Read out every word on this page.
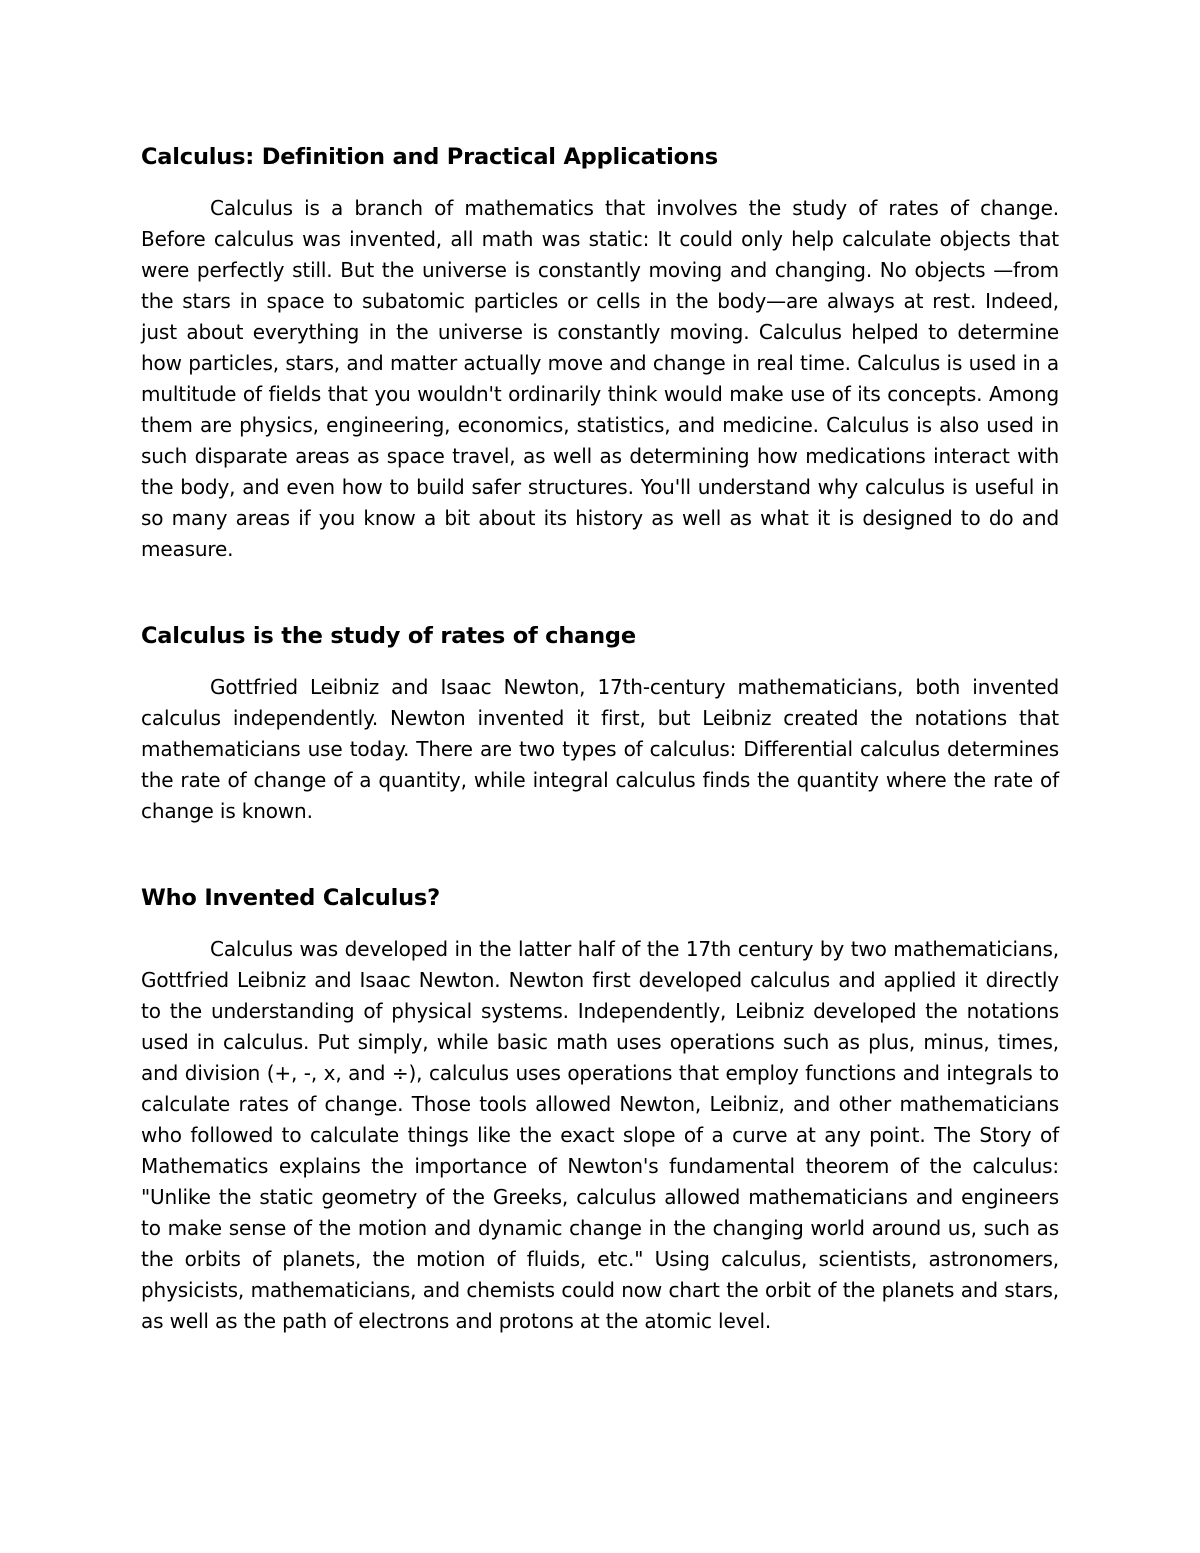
Calculus: Definition and Practical Applications

Calculus is a branch of mathematics that involves the study of rates of change. Before calculus was invented, all math was static: It could only help calculate objects that were perfectly still. But the universe is constantly moving and changing. No objects —from the stars in space to subatomic particles or cells in the body—are always at rest. Indeed, just about everything in the universe is constantly moving. Calculus helped to determine how particles, stars, and matter actually move and change in real time. Calculus is used in a multitude of fields that you wouldn't ordinarily think would make use of its concepts. Among them are physics, engineering, economics, statistics, and medicine. Calculus is also used in such disparate areas as space travel, as well as determining how medications interact with the body, and even how to build safer structures. You'll understand why calculus is useful in so many areas if you know a bit about its history as well as what it is designed to do and measure.

Calculus is the study of rates of change

Gottfried Leibniz and Isaac Newton, 17th-century mathematicians, both invented calculus independently. Newton invented it first, but Leibniz created the notations that mathematicians use today. There are two types of calculus: Differential calculus determines the rate of change of a quantity, while integral calculus finds the quantity where the rate of change is known.

Who Invented Calculus?

Calculus was developed in the latter half of the 17th century by two mathematicians, Gottfried Leibniz and Isaac Newton. Newton first developed calculus and applied it directly to the understanding of physical systems. Independently, Leibniz developed the notations used in calculus. Put simply, while basic math uses operations such as plus, minus, times, and division (+, -, x, and ÷), calculus uses operations that employ functions and integrals to calculate rates of change. Those tools allowed Newton, Leibniz, and other mathematicians who followed to calculate things like the exact slope of a curve at any point. The Story of Mathematics explains the importance of Newton's fundamental theorem of the calculus: "Unlike the static geometry of the Greeks, calculus allowed mathematicians and engineers to make sense of the motion and dynamic change in the changing world around us, such as the orbits of planets, the motion of fluids, etc." Using calculus, scientists, astronomers, physicists, mathematicians, and chemists could now chart the orbit of the planets and stars, as well as the path of electrons and protons at the atomic level.
